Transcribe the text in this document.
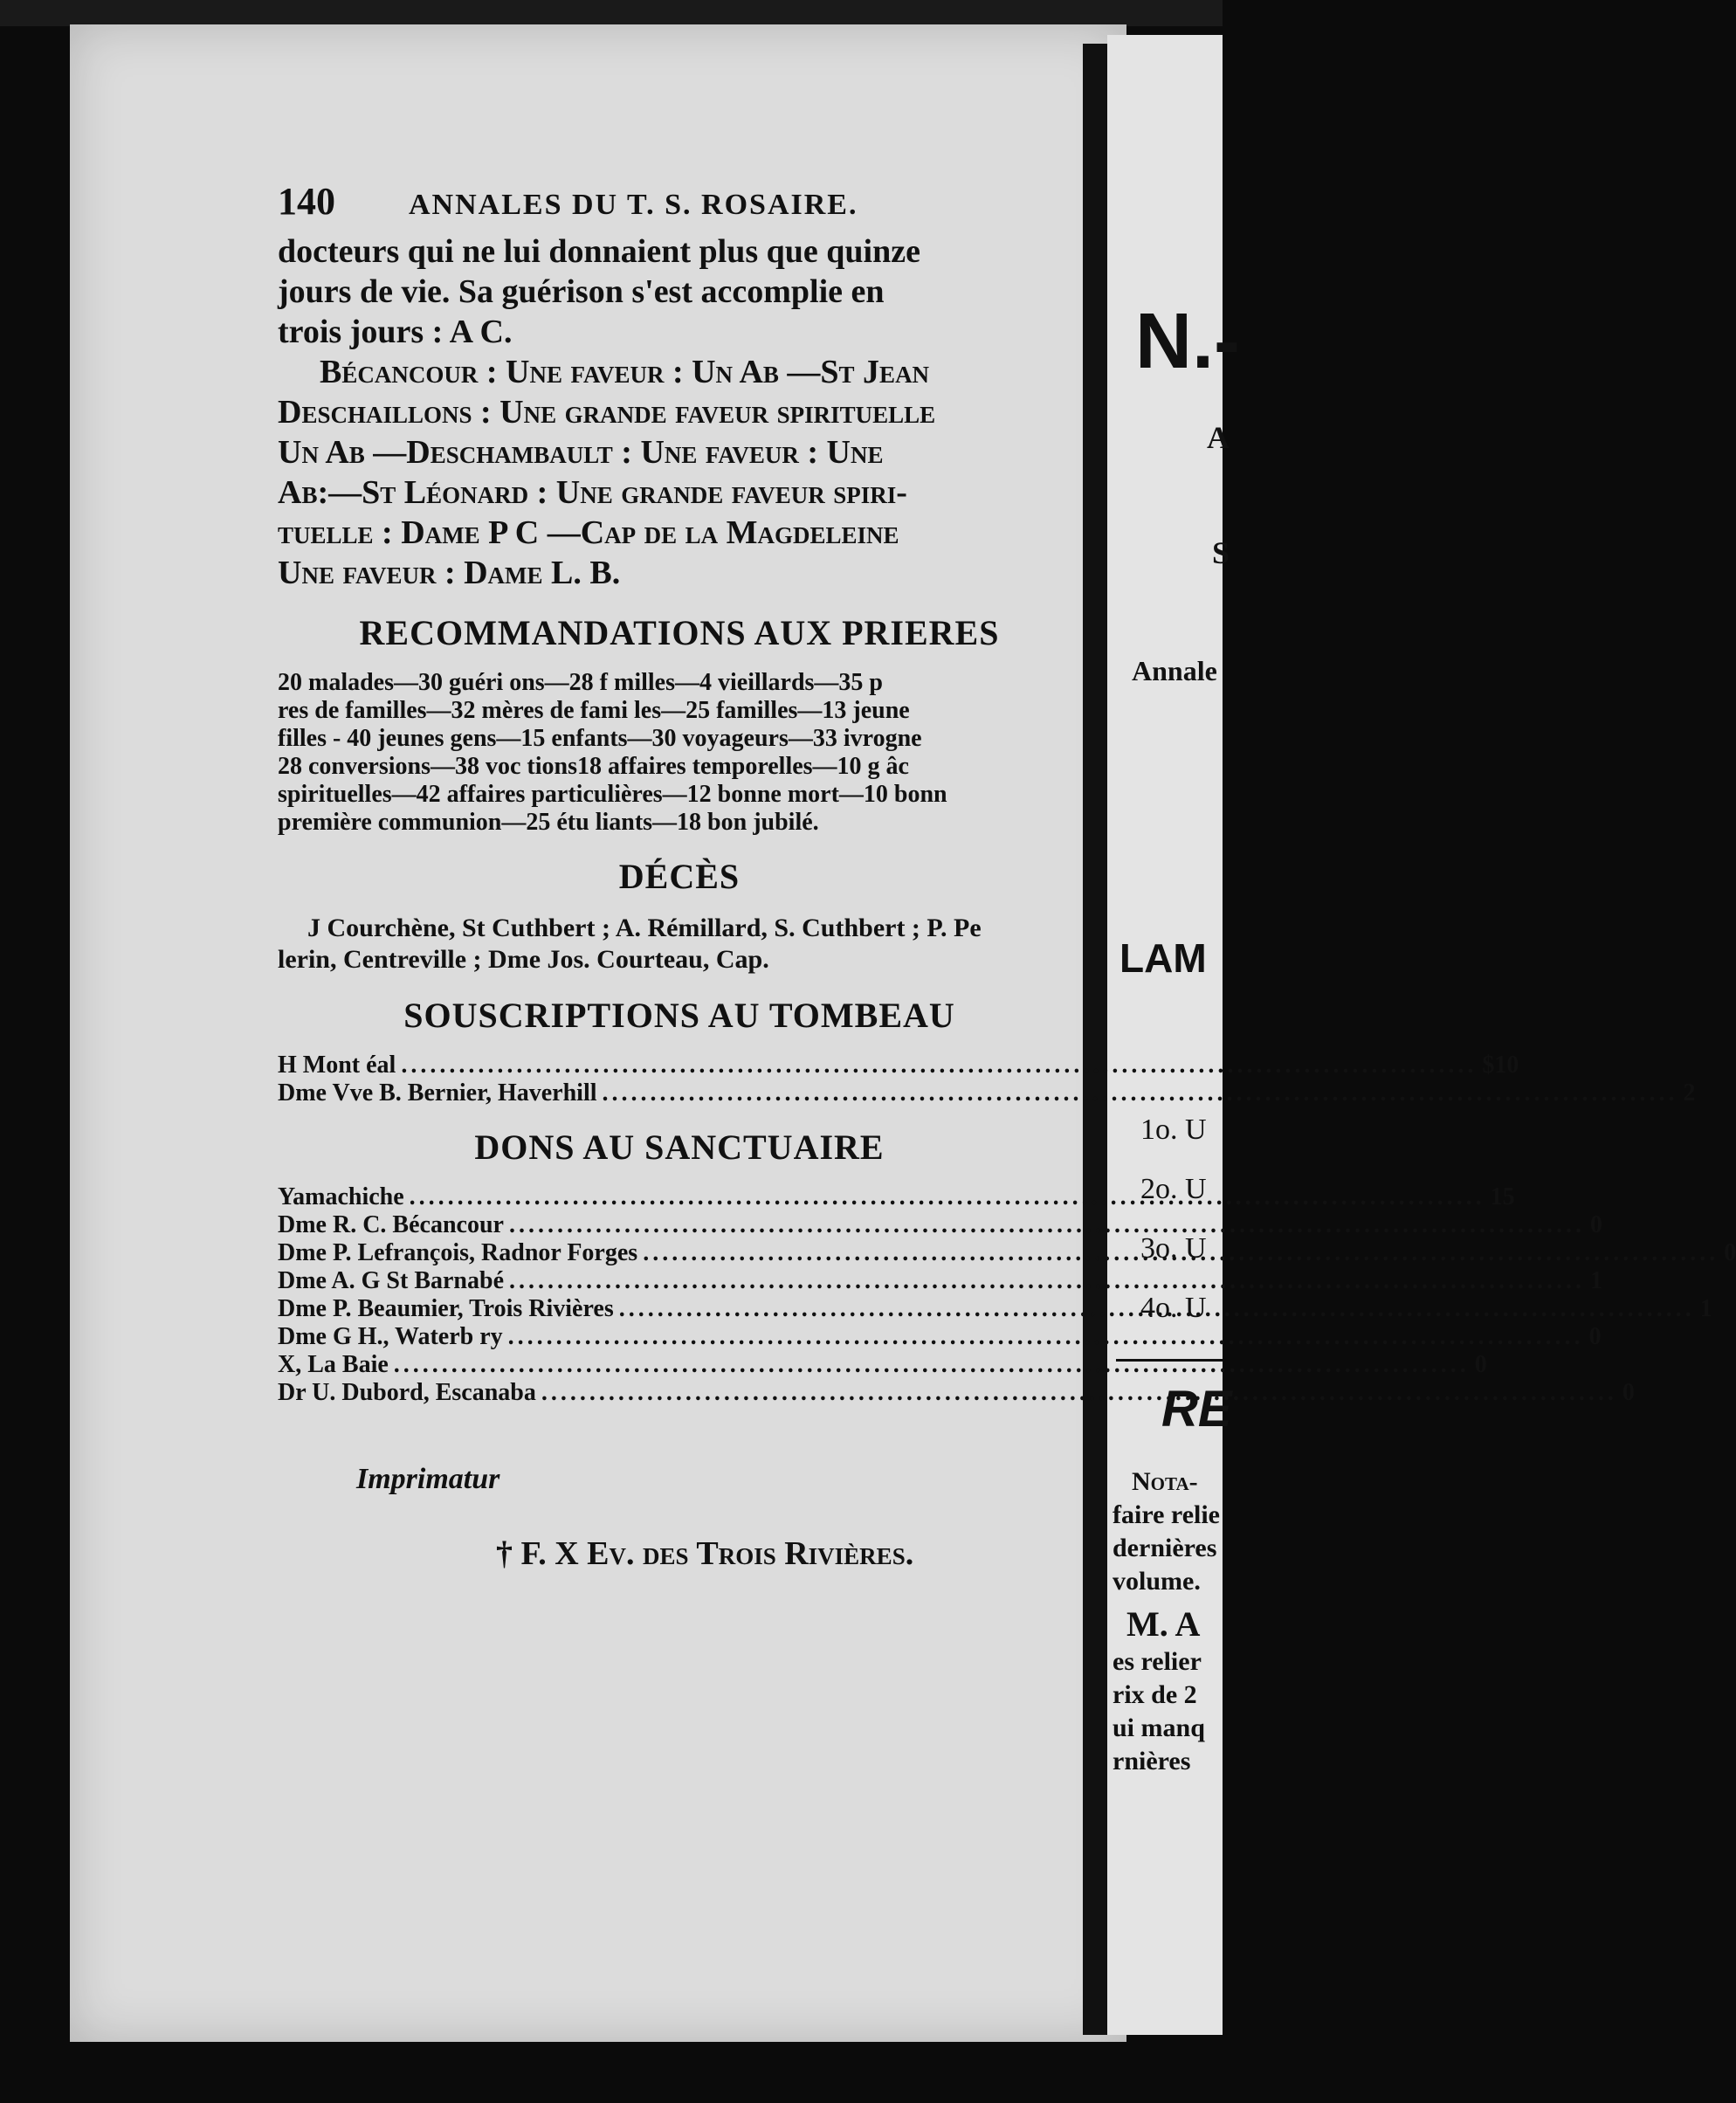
140	ANNALES DU T. S. ROSAIRE.

docteurs qui ne lui donnaient plus que quinze

jours de vie. Sa guérison s'est accomplie en

trois jours : A C.

Bécancour : Une faveur : Un Ab —St Jean

Deschaillons : Une grande faveur spirituelle

Un Ab —Deschambault : Une faveur : Une

Ab:—St Léonard : Une grande faveur spiri-

tuelle : Dame P C —Cap de la Magdeleine

Une faveur : Dame L. B.

RECOMMANDATIONS AUX PRIERES

20 malades—30 guéri ons—28 f milles—4 vieillards—35 p

res de familles—32 mères de fami les—25 familles—13 jeune

filles - 40 jeunes gens—15 enfants—30 voyageurs—33 ivrogne

28 conversions—38 voc tions18 affaires temporelles—10 g âc

spirituelles—42 affaires particulières—12 bonne mort—10 bonn

première communion—25 étu liants—18 bon jubilé.

DÉCÈS

J Courchène, St Cuthbert ; A. Rémillard, S. Cuthbert ; P. Pe

lerin, Centreville ; Dme Jos. Courteau, Cap.

SOUSCRIPTIONS AU TOMBEAU
H Mont éal .....	$10
Dme Vve B. Bernier, Haverhill .....	2
DONS AU SANCTUAIRE
Yamachiche .....	15
Dme R. C. Bécancour .....	0
Dme P. Lefrançois, Radnor Forges .....	0
Dme A. G St Barnabé .....	1
Dme P. Beaumier, Trois Rivières .....	1
Dme G H., Waterb ry .....	0
X, La Baie .....	0
Dr U. Dubord, Escanaba .....	0
Imprimatur
† F. X Ev. des Trois Rivières.
N.-
A
S
Annale
LAM
1o. U
2o. U
3o. U
4o. U
RE
Nota-
faire relie
dernières
volume.
M. A
es relier
rix de 2
ui manq
rnières
